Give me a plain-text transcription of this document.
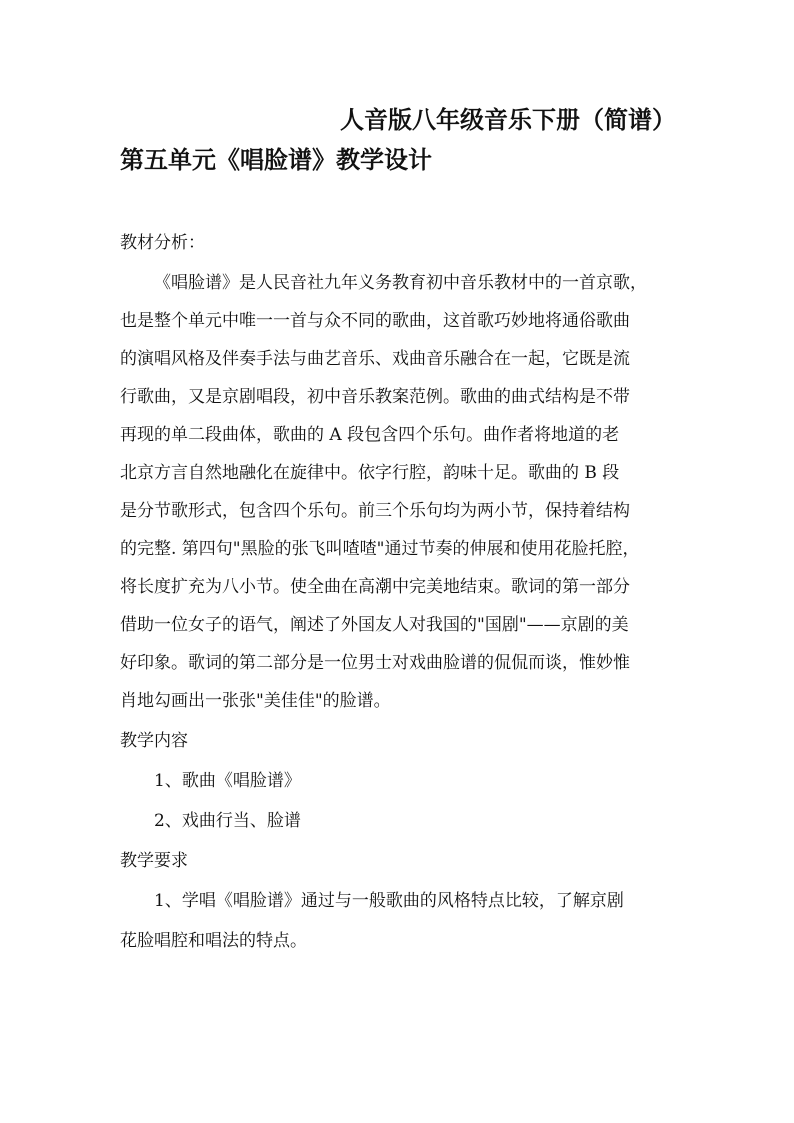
人音版八年级音乐下册（简谱）
第五单元《唱脸谱》教学设计

教材分析：

《唱脸谱》是人民音社九年义务教育初中音乐教材中的一首京歌，

也是整个单元中唯一一首与众不同的歌曲，这首歌巧妙地将通俗歌曲

的演唱风格及伴奏手法与曲艺音乐、戏曲音乐融合在一起，它既是流

行歌曲，又是京剧唱段，初中音乐教案范例。歌曲的曲式结构是不带

再现的单二段曲体，歌曲的 A 段包含四个乐句。曲作者将地道的老

北京方言自然地融化在旋律中。依字行腔，韵味十足。歌曲的 B 段

是分节歌形式，包含四个乐句。前三个乐句均为两小节，保持着结构

的完整. 第四句"黑脸的张飞叫喳喳"通过节奏的伸展和使用花脸托腔，

将长度扩充为八小节。使全曲在高潮中完美地结束。歌词的第一部分

借助一位女子的语气，阐述了外国友人对我国的"国剧"——京剧的美

好印象。歌词的第二部分是一位男士对戏曲脸谱的侃侃而谈，惟妙惟

肖地勾画出一张张"美佳佳"的脸谱。

教学内容

1、歌曲《唱脸谱》

2、戏曲行当、脸谱

教学要求

1、学唱《唱脸谱》通过与一般歌曲的风格特点比较，了解京剧

花脸唱腔和唱法的特点。
